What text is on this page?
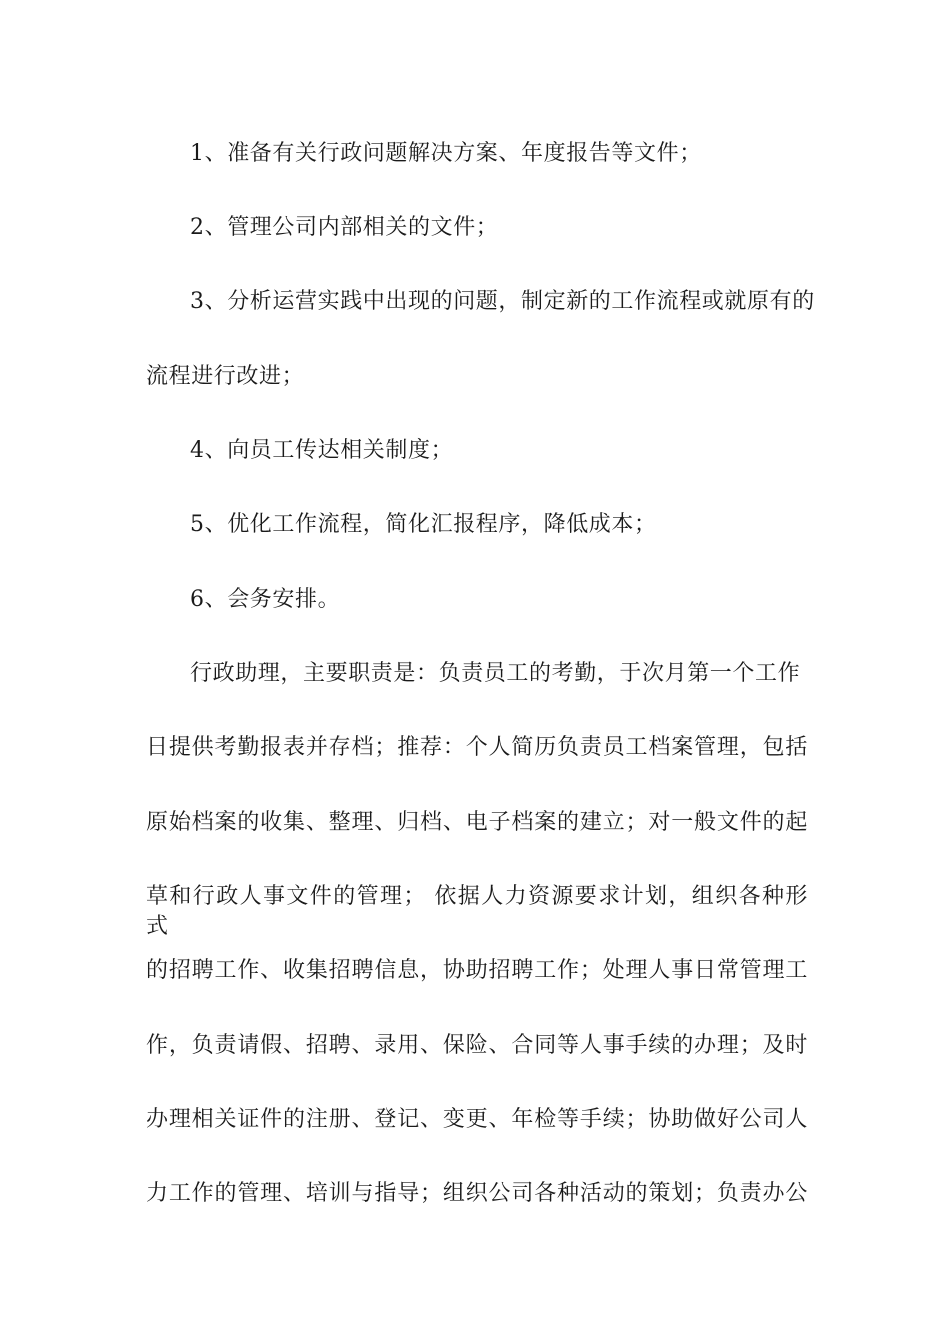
1、准备有关行政问题解决方案、年度报告等文件；
2、管理公司内部相关的文件；
3、分析运营实践中出现的问题，制定新的工作流程或就原有的
流程进行改进；
4、向员工传达相关制度；
5、优化工作流程，简化汇报程序，降低成本；
6、会务安排。
行政助理，主要职责是：负责员工的考勤，于次月第一个工作
日提供考勤报表并存档；推荐：个人简历负责员工档案管理，包括
原始档案的收集、整理、归档、电子档案的建立；对一般文件的起
草和行政人事文件的管理； 依据人力资源要求计划，组织各种形式
的招聘工作、收集招聘信息，协助招聘工作；处理人事日常管理工
作，负责请假、招聘、录用、保险、合同等人事手续的办理；及时
办理相关证件的注册、登记、变更、年检等手续；协助做好公司人
力工作的管理、培训与指导；组织公司各种活动的策划；负责办公
